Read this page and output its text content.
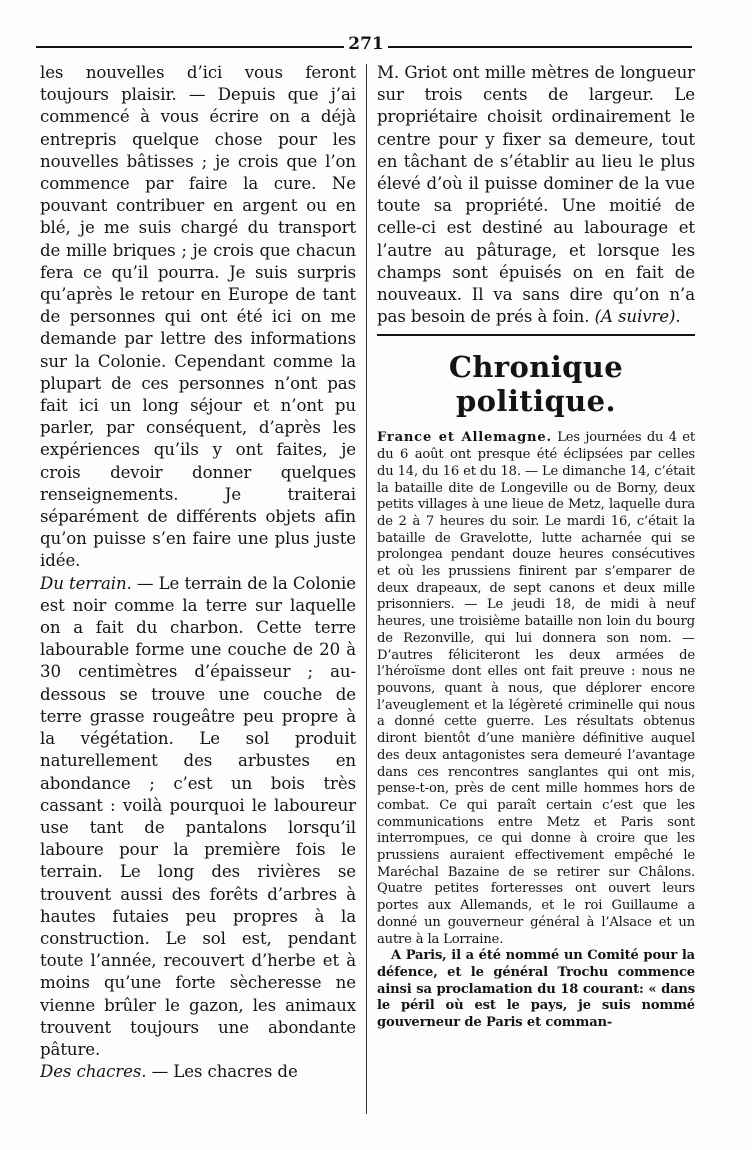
271

les nouvelles d’ici vous feront toujours plaisir. — Depuis que j’ai commencé à vous écrire on a déjà entrepris quelque chose pour les nouvelles bâtisses ; je crois que l’on commence par faire la cure. Ne pouvant contribuer en argent ou en blé, je me suis chargé du transport de mille briques ; je crois que chacun fera ce qu’il pourra. Je suis surpris qu’après le retour en Europe de tant de personnes qui ont été ici on me demande par lettre des informations sur la Colonie. Cependant comme la plupart de ces personnes n’ont pas fait ici un long séjour et n’ont pu parler, par conséquent, d’après les expériences qu’ils y ont faites, je crois devoir donner quelques renseignements. Je traiterai séparément de différents objets afin qu’on puisse s’en faire une plus juste idée.

Du terrain. — Le terrain de la Colonie est noir comme la terre sur laquelle on a fait du charbon. Cette terre labourable forme une couche de 20 à 30 centimètres d’épaisseur ; au-dessous se trouve une couche de terre grasse rougeâtre peu propre à la végétation. Le sol produit naturellement des arbustes en abondance ; c’est un bois très cassant : voilà pourquoi le laboureur use tant de pantalons lorsqu’il laboure pour la première fois le terrain. Le long des rivières se trouvent aussi des forêts d’arbres à hautes futaies peu propres à la construction. Le sol est, pendant toute l’année, recouvert d’herbe et à moins qu’une forte sècheresse ne vienne brûler le gazon, les animaux trouvent toujours une abondante pâture.

Des chacres. — Les chacres de

M. Griot ont mille mètres de longueur sur trois cents de largeur. Le propriétaire choisit ordinairement le centre pour y fixer sa demeure, tout en tâchant de s’établir au lieu le plus élevé d’où il puisse dominer de la vue toute sa propriété. Une moitié de celle-ci est destiné au labourage et l’autre au pâturage, et lorsque les champs sont épuisés on en fait de nouveaux. Il va sans dire qu’on n’a pas besoin de prés à foin. (A suivre).

Chronique politique.

France et Allemagne. Les journées du 4 et du 6 août ont presque été éclipsées par celles du 14, du 16 et du 18. — Le dimanche 14, c’était la bataille dite de Longeville ou de Borny, deux petits villages à une lieue de Metz, laquelle dura de 2 à 7 heures du soir. Le mardi 16, c’était la bataille de Gravelotte, lutte acharnée qui se prolongea pendant douze heures consécutives et où les prussiens finirent par s’emparer de deux drapeaux, de sept canons et deux mille prisonniers. — Le jeudi 18, de midi à neuf heures, une troisième bataille non loin du bourg de Rezonville, qui lui donnera son nom. — D’autres féliciteront les deux armées de l’héroïsme dont elles ont fait preuve : nous ne pouvons, quant à nous, que déplorer encore l’aveuglement et la légèreté criminelle qui nous a donné cette guerre. Les résultats obtenus diront bientôt d’une manière définitive auquel des deux antagonistes sera demeuré l’avantage dans ces rencontres sanglantes qui ont mis, pense-t-on, près de cent mille hommes hors de combat. Ce qui paraît certain c’est que les communications entre Metz et Paris sont interrompues, ce qui donne à croire que les prussiens auraient effectivement empêché le Maréchal Bazaine de se retirer sur Châlons. Quatre petites forteresses ont ouvert leurs portes aux Allemands, et le roi Guillaume a donné un gouverneur général à l’Alsace et un autre à la Lorraine.

A Paris, il a été nommé un Comité pour la défence, et le général Trochu commence ainsi sa proclamation du 18 courant: « dans le péril où est le pays, je suis nommé gouverneur de Paris et comman-
